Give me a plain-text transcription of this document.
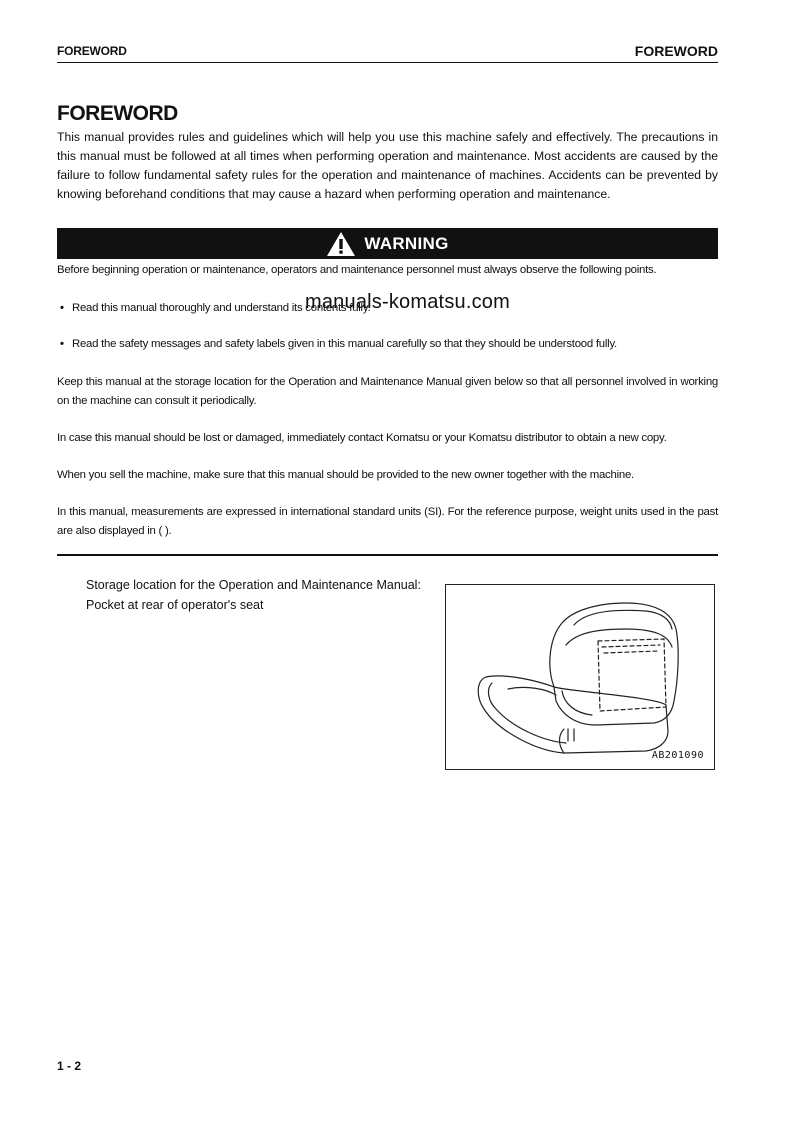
FOREWORD	FOREWORD
FOREWORD

This manual provides rules and guidelines which will help you use this machine safely and effectively. The precautions in this manual must be followed at all times when performing operation and maintenance. Most accidents are caused by the failure to follow fundamental safety rules for the operation and maintenance of machines. Accidents can be prevented by knowing beforehand conditions that may cause a hazard when performing operation and maintenance.

WARNING

Before beginning operation or maintenance, operators and maintenance personnel must always observe the following points.

• Read this manual thoroughly and understand its contents fully.

• Read the safety messages and safety labels given in this manual carefully so that they should be understood fully.

manuals-komatsu.com

Keep this manual at the storage location for the Operation and Maintenance Manual given below so that all personnel involved in working on the machine can consult it periodically.

In case this manual should be lost or damaged, immediately contact Komatsu or your Komatsu distributor to obtain a new copy.

When you sell the machine, make sure that this manual should be provided to the new owner together with the machine.

In this manual, measurements are expressed in international standard units (SI). For the reference purpose, weight units used in the past are also displayed in ( ).

Storage location for the Operation and Maintenance Manual:
Pocket at rear of operator's seat

AB201090
1 - 2
